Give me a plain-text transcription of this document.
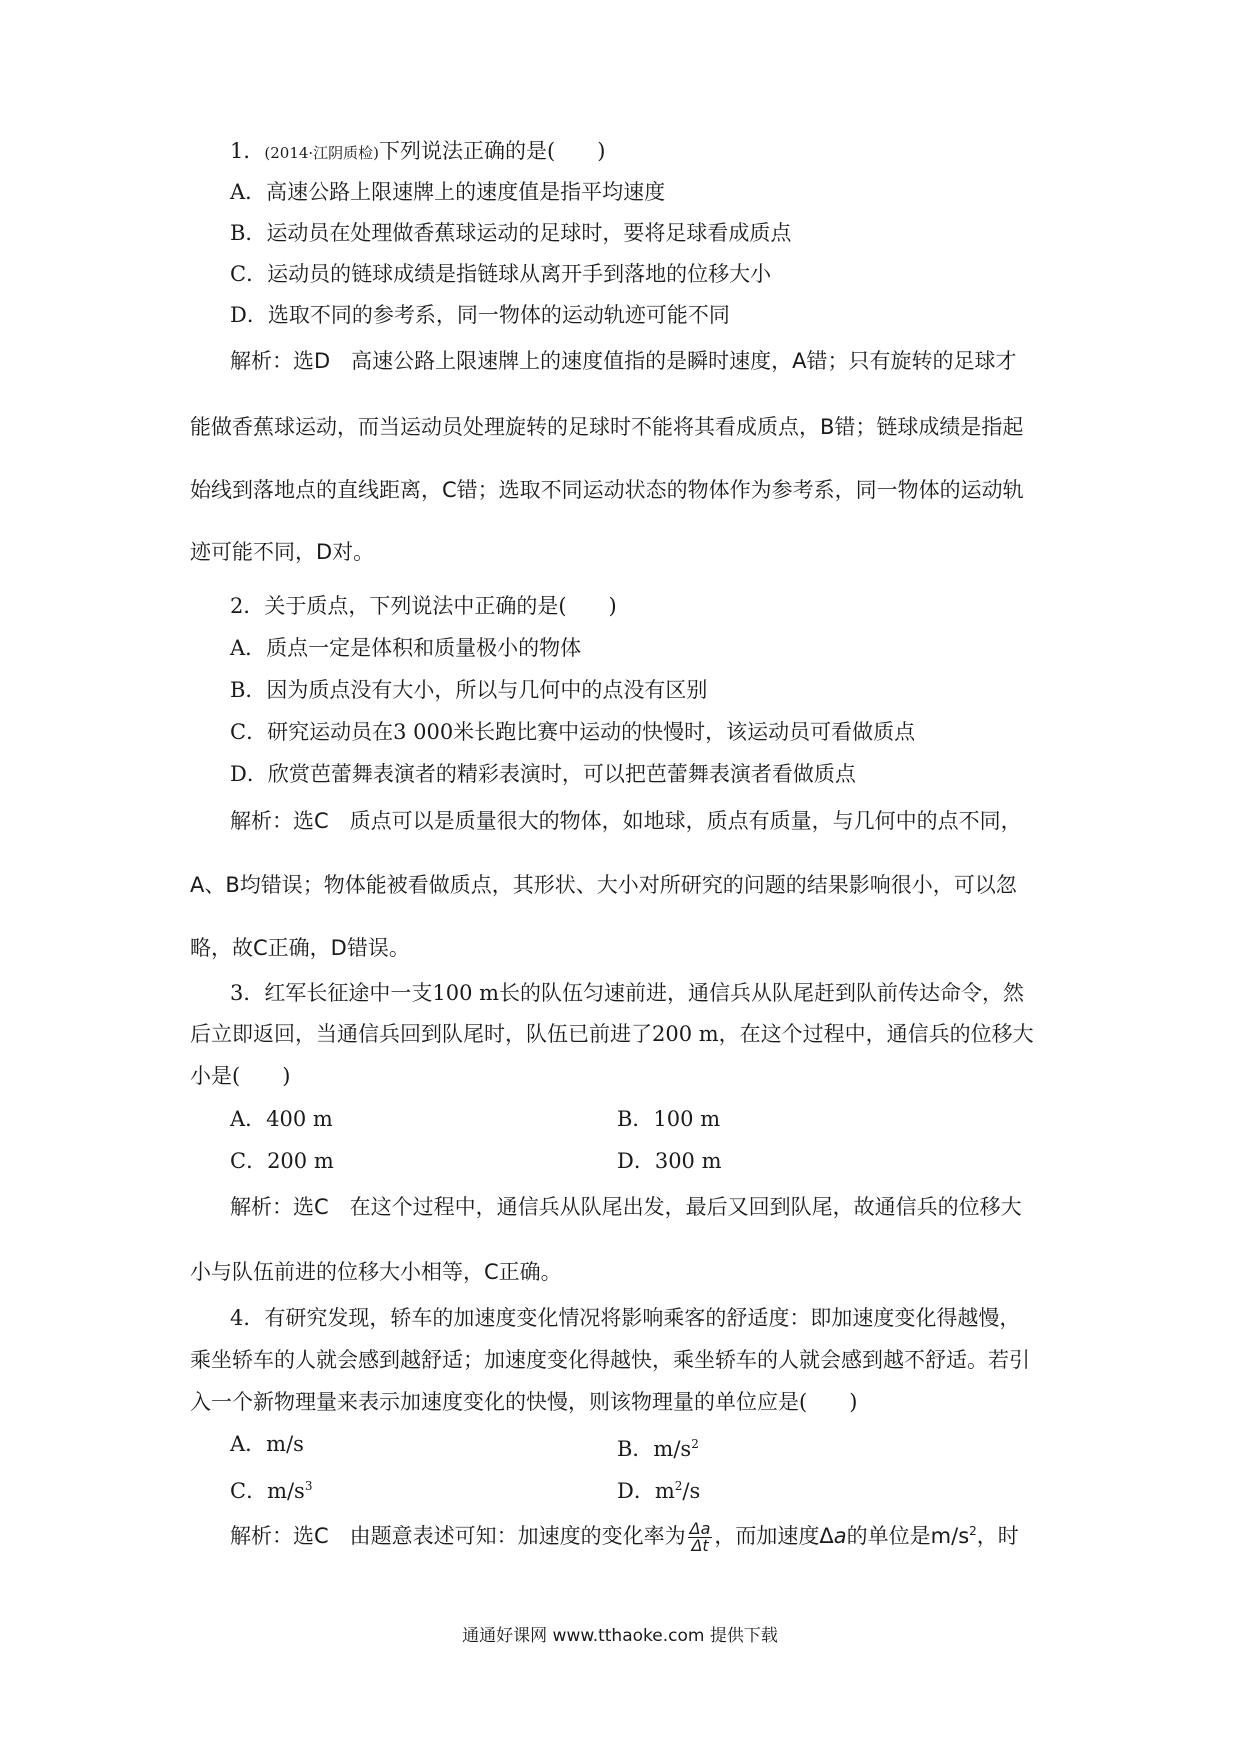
1．(2014·江阴质检)下列说法正确的是(　　)
A．高速公路上限速牌上的速度值是指平均速度
B．运动员在处理做香蕉球运动的足球时，要将足球看成质点
C．运动员的链球成绩是指链球从离开手到落地的位移大小
D．选取不同的参考系，同一物体的运动轨迹可能不同
解析：选D　高速公路上限速牌上的速度值指的是瞬时速度，A错；只有旋转的足球才
能做香蕉球运动，而当运动员处理旋转的足球时不能将其看成质点，B错；链球成绩是指起
始线到落地点的直线距离，C错；选取不同运动状态的物体作为参考系，同一物体的运动轨
迹可能不同，D对。
2．关于质点，下列说法中正确的是(　　)
A．质点一定是体积和质量极小的物体
B．因为质点没有大小，所以与几何中的点没有区别
C．研究运动员在3 000米长跑比赛中运动的快慢时，该运动员可看做质点
D．欣赏芭蕾舞表演者的精彩表演时，可以把芭蕾舞表演者看做质点
解析：选C　质点可以是质量很大的物体，如地球，质点有质量，与几何中的点不同，
A、B均错误；物体能被看做质点，其形状、大小对所研究的问题的结果影响很小，可以忽
略，故C正确，D错误。
3．红军长征途中一支100 m长的队伍匀速前进，通信兵从队尾赶到队前传达命令，然
后立即返回，当通信兵回到队尾时，队伍已前进了200 m，在这个过程中，通信兵的位移大
小是(　　)
A．400 m	B．100 m
C．200 m	D．300 m
解析：选C　在这个过程中，通信兵从队尾出发，最后又回到队尾，故通信兵的位移大
小与队伍前进的位移大小相等，C正确。
4．有研究发现，轿车的加速度变化情况将影响乘客的舒适度：即加速度变化得越慢，
乘坐轿车的人就会感到越舒适；加速度变化得越快，乘坐轿车的人就会感到越不舒适。若引
入一个新物理量来表示加速度变化的快慢，则该物理量的单位应是(　　)
A．m/s	B．$m/s^2$
C．$m/s^3$	D．$m^2/s$
解析：选C　由题意表述可知：加速度的变化率为 $\frac{\Delta a}{\Delta t}$ ，而加速度Δa的单位是$m/s^2$，时
通通好课网 www.tthaoke.com 提供下载
